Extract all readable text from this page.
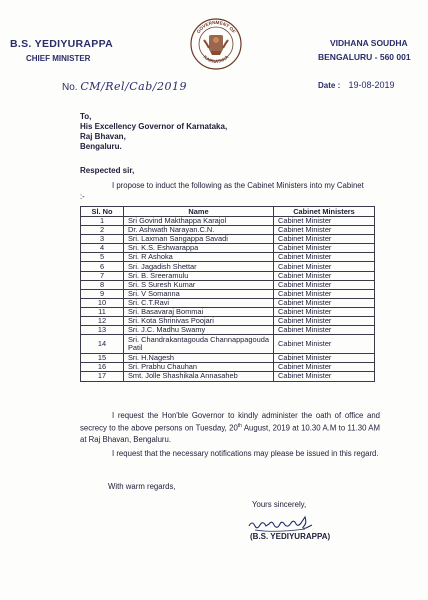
B.S. YEDIYURAPPA
CHIEF MINISTER
GOVERNMENT OF
KARNATAKA
VIDHANA SOUDHA
BENGALURU - 560 001
No. CM/Rel/Cab/2019	Date : 19-08-2019
To,
His Excellency Governor of Karnataka,
Raj Bhavan,
Bengaluru.
Respected sir,
I propose to induct the following as the Cabinet Ministers into my Cabinet :-
Sl. No	Name	Cabinet Ministers
1	Sri Govind Makthappa Karajol	Cabinet Minister
2	Dr. Ashwath Narayan.C.N.	Cabinet Minister
3	Sri. Laxman Sangappa Savadi	Cabinet Minister
4	Sri. K.S. Eshwarappa	Cabinet Minister
5	Sri. R Ashoka	Cabinet Minister
6	Sri. Jagadish Shettar	Cabinet Minister
7	Sri. B. Sreeramulu	Cabinet Minister
8	Sri. S Suresh Kumar	Cabinet Minister
9	Sri. V Somanna	Cabinet Minister
10	Sri. C.T.Ravi	Cabinet Minister
11	Sri. Basavaraj Bommai	Cabinet Minister
12	Sri. Kota Shrinivas Poojari	Cabinet Minister
13	Sri. J.C. Madhu Swamy	Cabinet Minister
14	Sri. Chandrakantagouda Channappagouda Patil	Cabinet Minister
15	Sri. H.Nagesh	Cabinet Minister
16	Sri. Prabhu Chauhan	Cabinet Minister
17	Smt. Jolle Shashikala Annasaheb	Cabinet Minister
I request the Hon'ble Governor to kindly administer the oath of office and secrecy to the above persons on Tuesday, 20th August, 2019 at 10.30 A.M to 11.30 AM at Raj Bhavan, Bengaluru.
I request that the necessary notifications may please be issued in this regard.
With warm regards,
Yours sincerely,
(B.S. YEDIYURAPPA)
